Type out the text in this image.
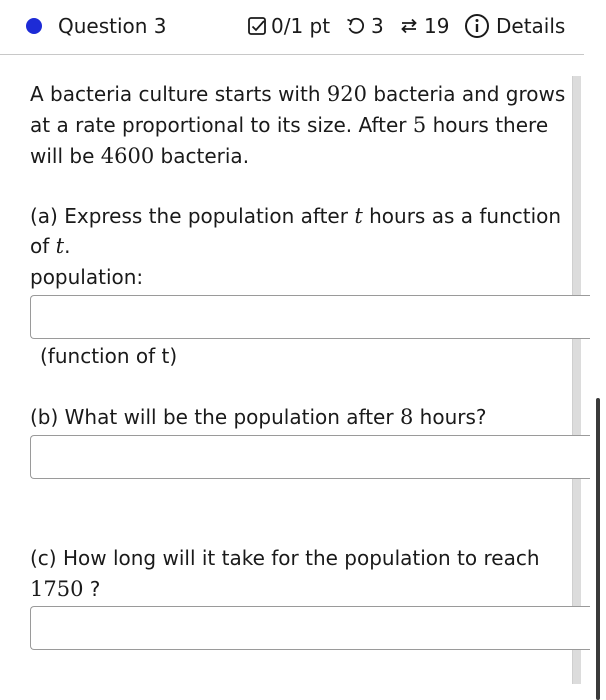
Question 3	0/1 pt 3 19 Details
A bacteria culture starts with 920 bacteria and grows
at a rate proportional to its size. After 5 hours there
will be 4600 bacteria.
(a) Express the population after t hours as a function
of t.
population:
(function of t)
(b) What will be the population after 8 hours?
(c) How long will it take for the population to reach
1750 ?
